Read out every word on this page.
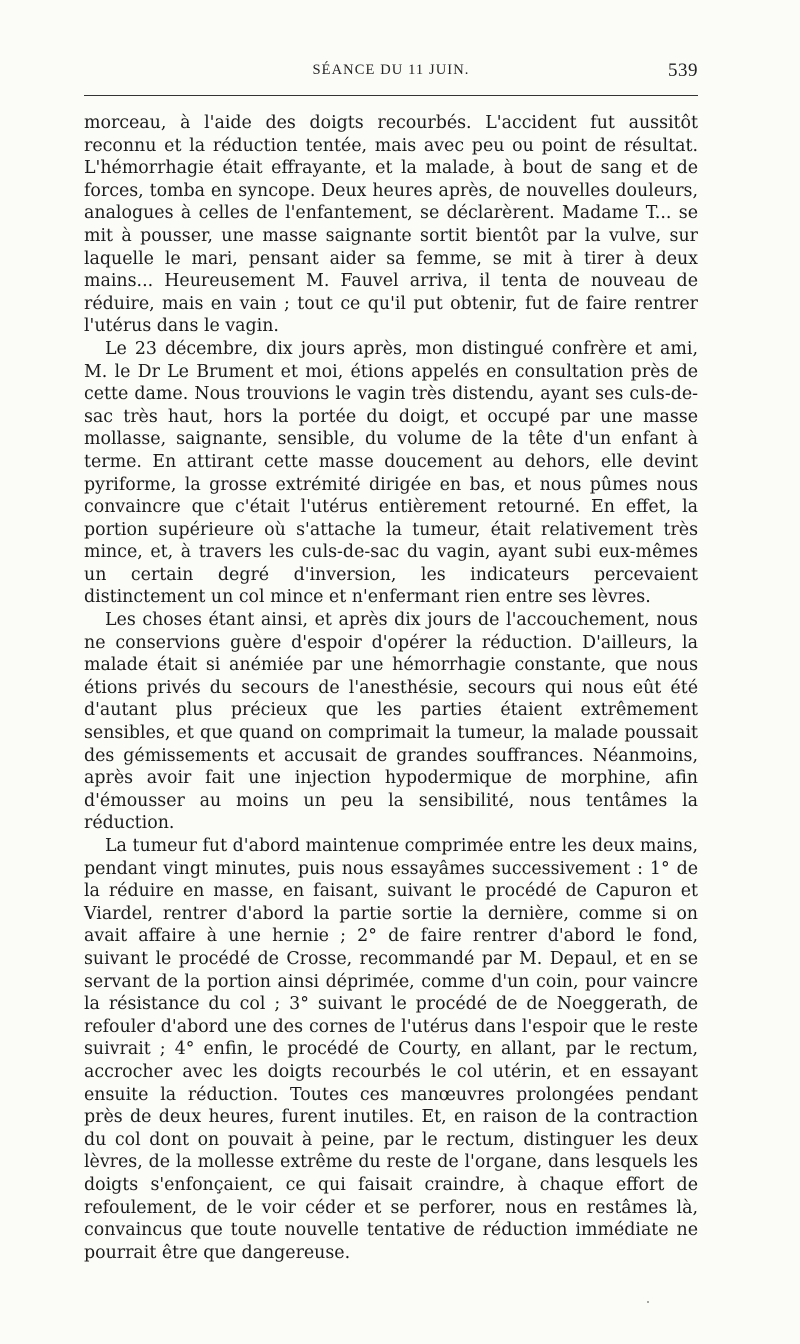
SÉANCE DU 11 JUIN.	539

morceau, à l'aide des doigts recourbés. L'accident fut aussitôt reconnu et la réduction tentée, mais avec peu ou point de résultat. L'hémorrhagie était effrayante, et la malade, à bout de sang et de forces, tomba en syncope. Deux heures après, de nouvelles douleurs, analogues à celles de l'enfantement, se déclarèrent. Madame T... se mit à pousser, une masse saignante sortit bientôt par la vulve, sur laquelle le mari, pensant aider sa femme, se mit à tirer à deux mains... Heureusement M. Fauvel arriva, il tenta de nouveau de réduire, mais en vain ; tout ce qu'il put obtenir, fut de faire rentrer l'utérus dans le vagin.

Le 23 décembre, dix jours après, mon distingué confrère et ami, M. le Dr Le Brument et moi, étions appelés en consultation près de cette dame. Nous trouvions le vagin très distendu, ayant ses culs-de-sac très haut, hors la portée du doigt, et occupé par une masse mollasse, saignante, sensible, du volume de la tête d'un enfant à terme. En attirant cette masse doucement au dehors, elle devint pyriforme, la grosse extrémité dirigée en bas, et nous pûmes nous convaincre que c'était l'utérus entièrement retourné. En effet, la portion supérieure où s'attache la tumeur, était relativement très mince, et, à travers les culs-de-sac du vagin, ayant subi eux-mêmes un certain degré d'inversion, les indicateurs percevaient distinctement un col mince et n'enfermant rien entre ses lèvres.

Les choses étant ainsi, et après dix jours de l'accouchement, nous ne conservions guère d'espoir d'opérer la réduction. D'ailleurs, la malade était si anémiée par une hémorrhagie constante, que nous étions privés du secours de l'anesthésie, secours qui nous eût été d'autant plus précieux que les parties étaient extrêmement sensibles, et que quand on comprimait la tumeur, la malade poussait des gémissements et accusait de grandes souffrances. Néanmoins, après avoir fait une injection hypodermique de morphine, afin d'émousser au moins un peu la sensibilité, nous tentâmes la réduction.

La tumeur fut d'abord maintenue comprimée entre les deux mains, pendant vingt minutes, puis nous essayâmes successivement : 1° de la réduire en masse, en faisant, suivant le procédé de Capuron et Viardel, rentrer d'abord la partie sortie la dernière, comme si on avait affaire à une hernie ; 2° de faire rentrer d'abord le fond, suivant le procédé de Crosse, recommandé par M. Depaul, et en se servant de la portion ainsi déprimée, comme d'un coin, pour vaincre la résistance du col ; 3° suivant le procédé de de Noeggerath, de refouler d'abord une des cornes de l'utérus dans l'espoir que le reste suivrait ; 4° enfin, le procédé de Courty, en allant, par le rectum, accrocher avec les doigts recourbés le col utérin, et en essayant ensuite la réduction. Toutes ces manœuvres prolongées pendant près de deux heures, furent inutiles. Et, en raison de la contraction du col dont on pouvait à peine, par le rectum, distinguer les deux lèvres, de la mollesse extrême du reste de l'organe, dans lesquels les doigts s'enfonçaient, ce qui faisait craindre, à chaque effort de refoulement, de le voir céder et se perforer, nous en restâmes là, convaincus que toute nouvelle tentative de réduction immédiate ne pourrait être que dangereuse.
